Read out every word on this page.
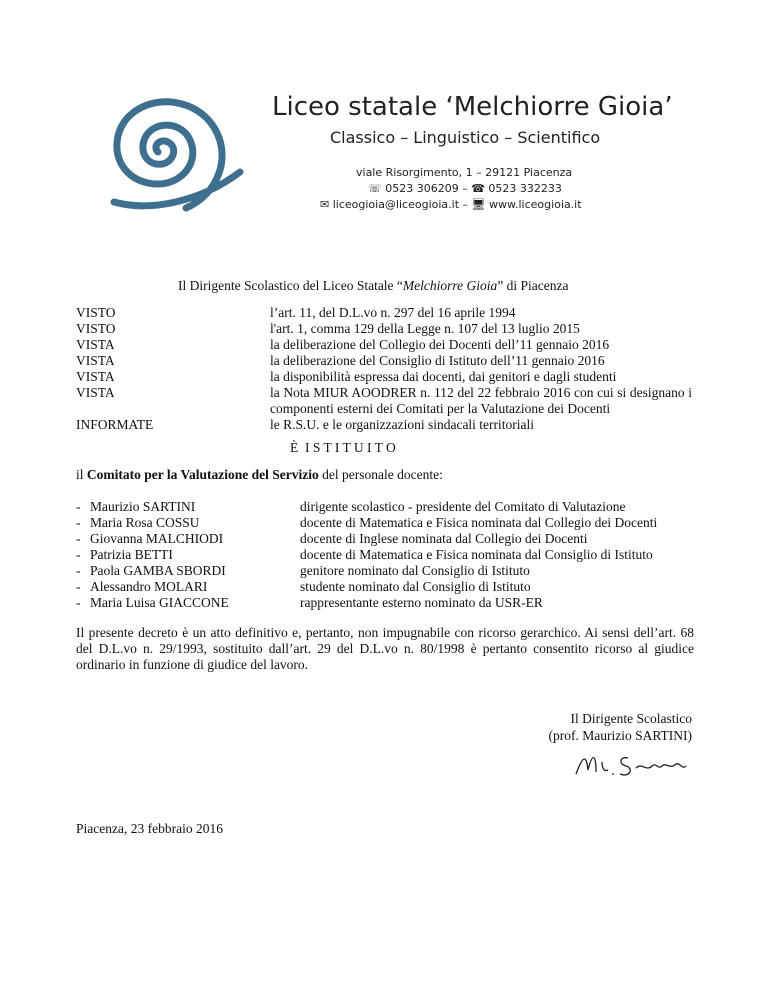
Liceo statale ‘Melchiorre Gioia’
Classico – Linguistico – Scientifico
viale Risorgimento, 1 – 29121 Piacenza
☏ 0523 306209 – ☎ 0523 332233
✉ liceogioia@liceogioia.it – 🖥 www.liceogioia.it
Il Dirigente Scolastico del Liceo Statale “Melchiorre Gioia” di Piacenza
VISTO	l’art. 11, del D.L.vo n. 297 del 16 aprile 1994
VISTO	l'art. 1, comma 129 della Legge n. 107 del 13 luglio 2015
VISTA	la deliberazione del Collegio dei Docenti dell’11 gennaio 2016
VISTA	la deliberazione del Consiglio di Istituto dell’11 gennaio 2016
VISTA	la disponibilità espressa dai docenti, dai genitori e dagli studenti
VISTA	la Nota MIUR AOODRER n. 112 del 22 febbraio 2016 con cui si designano i
componenti esterni dei Comitati per la Valutazione dei Docenti
INFORMATE	le R.S.U. e le organizzazioni sindacali territoriali
È  I S T I T U I T O
il Comitato per la Valutazione del Servizio del personale docente:
- Maurizio SARTINI	dirigente scolastico - presidente del Comitato di Valutazione
- Maria Rosa COSSU	docente di Matematica e Fisica nominata dal Collegio dei Docenti
- Giovanna MALCHIODI	docente di Inglese nominata dal Collegio dei Docenti
- Patrizia BETTI	docente di Matematica e Fisica nominata dal Consiglio di Istituto
- Paola GAMBA SBORDI	genitore nominato dal Consiglio di Istituto
- Alessandro MOLARI	studente nominato dal Consiglio di Istituto
- Maria Luisa GIACCONE	rappresentante esterno nominato da USR-ER
Il presente decreto è un atto definitivo e, pertanto, non impugnabile con ricorso gerarchico. Ai sensi dell’art. 68 del D.L.vo n. 29/1993, sostituito dall’art. 29 del D.L.vo n. 80/1998 è pertanto consentito ricorso al giudice ordinario in funzione di giudice del lavoro.
Il Dirigente Scolastico
(prof. Maurizio SARTINI)
Piacenza, 23 febbraio 2016
